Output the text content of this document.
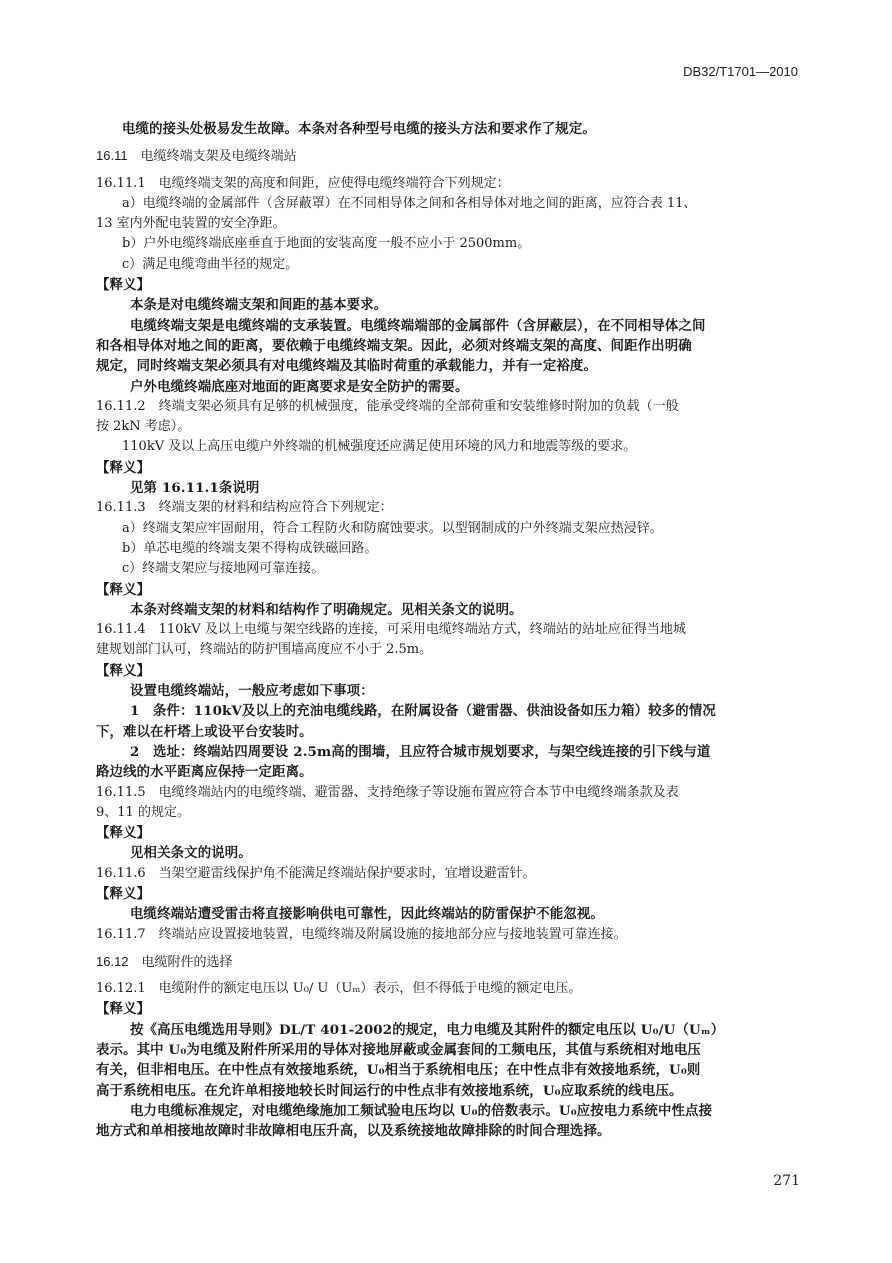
DB32/T1701—2010
电缆的接头处极易发生故障。本条对各种型号电缆的接头方法和要求作了规定。
16.11　电缆终端支架及电缆终端站
16.11.1　电缆终端支架的高度和间距，应使得电缆终端符合下列规定：
a）电缆终端的金属部件（含屏蔽罩）在不同相导体之间和各相导体对地之间的距离，应符合表 11、
13 室内外配电装置的安全净距。
b）户外电缆终端底座垂直于地面的安装高度一般不应小于 2500mm。
c）满足电缆弯曲半径的规定。
【释义】
本条是对电缆终端支架和间距的基本要求。
电缆终端支架是电缆终端的支承装置。电缆终端端部的金属部件（含屏蔽层），在不同相导体之间
和各相导体对地之间的距离，要依赖于电缆终端支架。因此，必须对终端支架的高度、间距作出明确
规定，同时终端支架必须具有对电缆终端及其临时荷重的承载能力，并有一定裕度。
户外电缆终端底座对地面的距离要求是安全防护的需要。
16.11.2　终端支架必须具有足够的机械强度，能承受终端的全部荷重和安装维修时附加的负载（一般
按 2kN 考虑）。
110kV 及以上高压电缆户外终端的机械强度还应满足使用环境的风力和地震等级的要求。
【释义】
见第 16.11.1条说明
16.11.3　终端支架的材料和结构应符合下列规定：
a）终端支架应牢固耐用，符合工程防火和防腐蚀要求。以型钢制成的户外终端支架应热浸锌。
b）单芯电缆的终端支架不得构成铁磁回路。
c）终端支架应与接地网可靠连接。
【释义】
本条对终端支架的材料和结构作了明确规定。见相关条文的说明。
16.11.4　110kV 及以上电缆与架空线路的连接，可采用电缆终端站方式，终端站的站址应征得当地城
建规划部门认可，终端站的防护围墙高度应不小于 2.5m。
【释义】
设置电缆终端站，一般应考虑如下事项：
1　条件：110kV及以上的充油电缆线路，在附属设备（避雷器、供油设备如压力箱）较多的情况
下，难以在杆塔上或设平台安装时。
2　选址：终端站四周要设 2.5m高的围墙，且应符合城市规划要求，与架空线连接的引下线与道
路边线的水平距离应保持一定距离。
16.11.5　电缆终端站内的电缆终端、避雷器、支持绝缘子等设施布置应符合本节中电缆终端条款及表
9、11 的规定。
【释义】
见相关条文的说明。
16.11.6　当架空避雷线保护角不能满足终端站保护要求时，宜增设避雷针。
【释义】
电缆终端站遭受雷击将直接影响供电可靠性，因此终端站的防雷保护不能忽视。
16.11.7　终端站应设置接地装置，电缆终端及附属设施的接地部分应与接地装置可靠连接。
16.12　电缆附件的选择
16.12.1　电缆附件的额定电压以 U₀/ U（Uₘ）表示，但不得低于电缆的额定电压。
【释义】
按《高压电缆选用导则》DL/T 401-2002的规定，电力电缆及其附件的额定电压以 U₀/U（Uₘ）
表示。其中 U₀为电缆及附件所采用的导体对接地屏蔽或金属套间的工频电压，其值与系统相对地电压
有关，但非相电压。在中性点有效接地系统，U₀相当于系统相电压；在中性点非有效接地系统，U₀则
高于系统相电压。在允许单相接地较长时间运行的中性点非有效接地系统，U₀应取系统的线电压。
电力电缆标准规定，对电缆绝缘施加工频试验电压均以 U₀的倍数表示。U₀应按电力系统中性点接
地方式和单相接地故障时非故障相电压升高，以及系统接地故障排除的时间合理选择。
271
